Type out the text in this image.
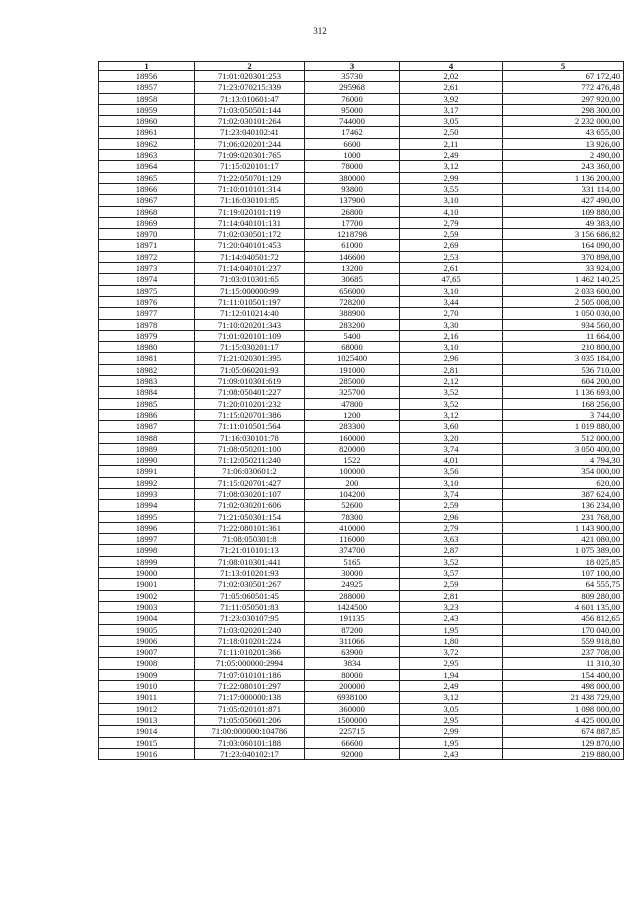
312
1	2	3	4	5
18956	71:01:020301:253	35730	2,02	67 172,40
18957	71:23:070215:339	295968	2,61	772 476,48
18958	71:13:010601:47	76000	3,92	297 920,00
18959	71:03:050501:144	95000	3,17	298 300,00
18960	71:02:030101:264	744000	3,05	2 232 000,00
18961	71:23:040102:41	17462	2,50	43 655,00
18962	71:06:020201:244	6600	2,11	13 926,00
18963	71:09:020301:765	1000	2,49	2 490,00
18964	71:15:020101:17	78000	3,12	243 360,00
18965	71:22:050701:129	380000	2,99	1 136 200,00
18966	71:10:010101:314	93800	3,55	331 114,00
18967	71:16:030101:85	137900	3,10	427 490,00
18968	71:19:020101:119	26800	4,10	109 880,00
18969	71:14:040101:131	17700	2,79	49 383,00
18970	71:02:030501:172	1218798	2,59	3 156 686,82
18971	71:20:040101:453	61000	2,69	164 090,00
18972	71:14:040501:72	146600	2,53	370 898,00
18973	71:14:040101:237	13200	2,61	33 924,00
18974	71:03:010301:65	30685	47,65	1 462 140,25
18975	71:15:000000:99	656000	3,10	2 033 600,00
18976	71:11:010501:197	728200	3,44	2 505 008,00
18977	71:12:010214:40	388900	2,70	1 050 030,00
18978	71:10:020201:343	283200	3,30	934 560,00
18979	71:01:020101:109	5400	2,16	11 664,00
18980	71:15:030201:17	68000	3,10	210 800,00
18981	71:21:020301:395	1025400	2,96	3 035 184,00
18982	71:05:060201:93	191000	2,81	536 710,00
18983	71:09:010301:619	285000	2,12	604 200,00
18984	71:08:050401:227	325700	3,52	1 136 693,00
18985	71:20:010201:232	47800	3,52	168 256,00
18986	71:15:020701:386	1200	3,12	3 744,00
18987	71:11:010501:564	283300	3,60	1 019 880,00
18988	71:16:030101:78	160000	3,20	512 000,00
18989	71:08:050201:100	820000	3,74	3 050 400,00
18990	71:12:050211:240	1522	4,01	4 794,30
18991	71:06:030601:2	100000	3,56	354 000,00
18992	71:15:020701:427	200	3,10	620,00
18993	71:08:030201:107	104200	3,74	387 624,00
18994	71:02:030201:606	52600	2,59	136 234,00
18995	71:21:050301:154	78300	2,96	231 768,00
18996	71:22:080101:361	410000	2,79	1 143 900,00
18997	71:08:050301:8	116000	3,63	421 080,00
18998	71:21:010101:13	374700	2,87	1 075 389,00
18999	71:08:010301:441	5165	3,52	18 025,85
19000	71:13:010201:93	30000	3,57	107 100,00
19001	71:02:030501:267	24925	2,59	64 555,75
19002	71:05:060501:45	288000	2,81	809 280,00
19003	71:11:050501:83	1424500	3,23	4 601 135,00
19004	71:23:030107:95	191135	2,43	456 812,65
19005	71:03:020201:240	87200	1,95	170 040,00
19006	71:18:010201:224	311066	1,80	559 918,80
19007	71:11:010201:366	63900	3,72	237 708,00
19008	71:05:000000:2994	3834	2,95	11 310,30
19009	71:07:010101:186	80000	1,94	154 400,00
19010	71:22:080101:297	200000	2,49	498 000,00
19011	71:17:000000:138	6938100	3,12	21 438 729,00
19012	71:05:020101:871	360000	3,05	1 098 000,00
19013	71:05:050601:206	1500000	2,95	4 425 000,00
19014	71:00:000000:104786	225715	2,99	674 887,85
19015	71:03:060101:188	66600	1,95	129 870,00
19016	71:23:040102:17	92000	2,43	219 880,00
